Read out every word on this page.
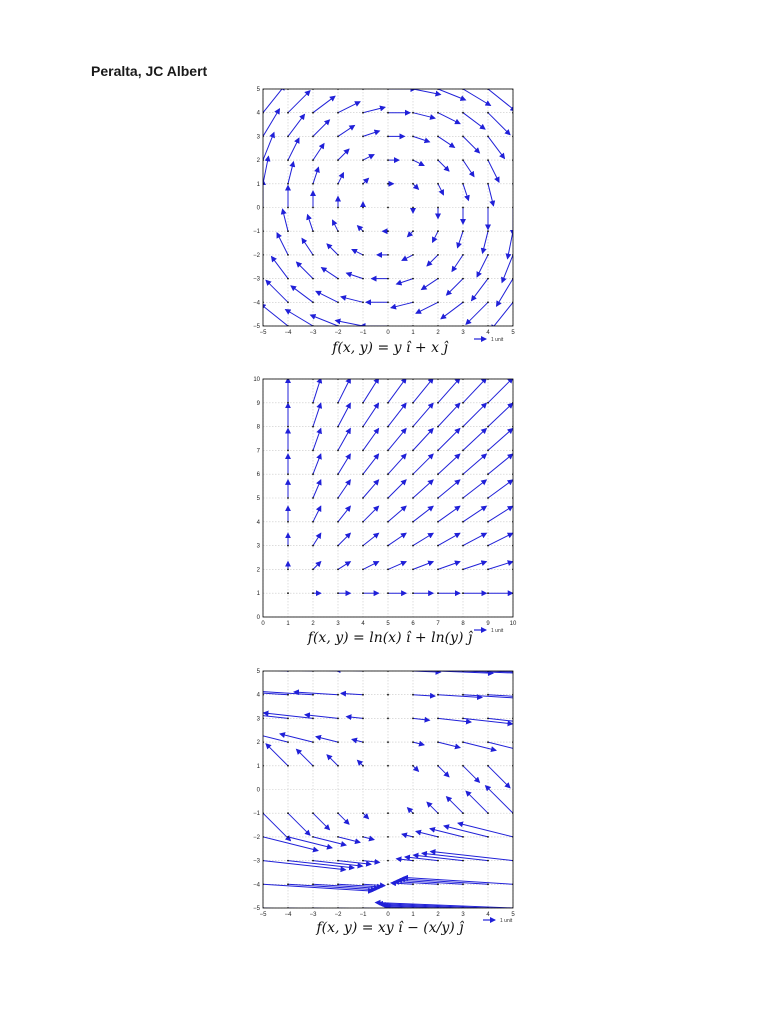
Peralta, JC Albert
−5
−5
−4
−4
−3
−3
−2
−2
−1
−1
0
0
1
1
2
2
3
3
4
4
5
5
1 unit
f(x, y) = y î + x ĵ
0
0
1
1
2
2
3
3
4
4
5
5
6
6
7
7
8
8
9
9
10
10
1 unit
f(x, y) = ln(x) î + ln(y) ĵ
−5
−5
−4
−4
−3
−3
−2
−2
−1
−1
0
0
1
1
2
2
3
3
4
4
5
5
1 unit
f(x, y) = xy î − (x/y) ĵ
